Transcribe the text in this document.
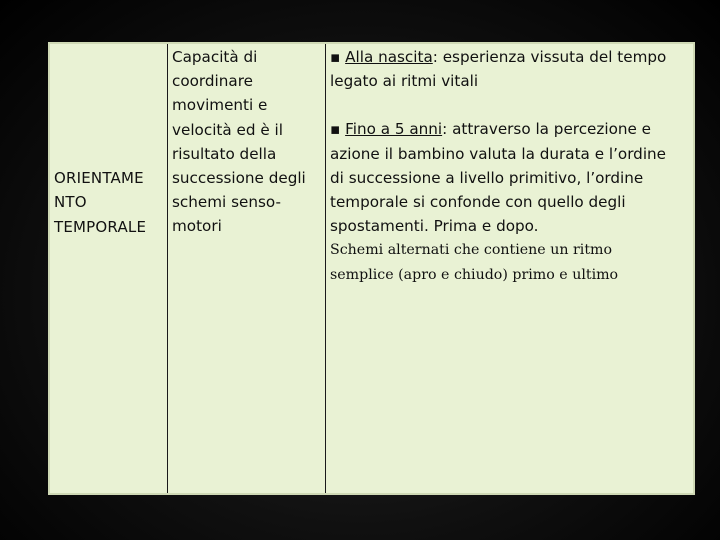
ORIENTAME
NTO
TEMPORALE
Capacità di
coordinare
movimenti e
velocità ed è il
risultato della
successione degli
schemi senso-
motori
▪ Alla nascita: esperienza vissuta del tempo
legato ai ritmi vitali
▪ Fino a 5 anni: attraverso la percezione e
azione il bambino valuta la durata e l’ordine
di successione a livello primitivo, l’ordine
temporale si confonde con quello degli
spostamenti. Prima e dopo.
Schemi alternati che contiene un ritmo
semplice (apro e chiudo) primo e ultimo
